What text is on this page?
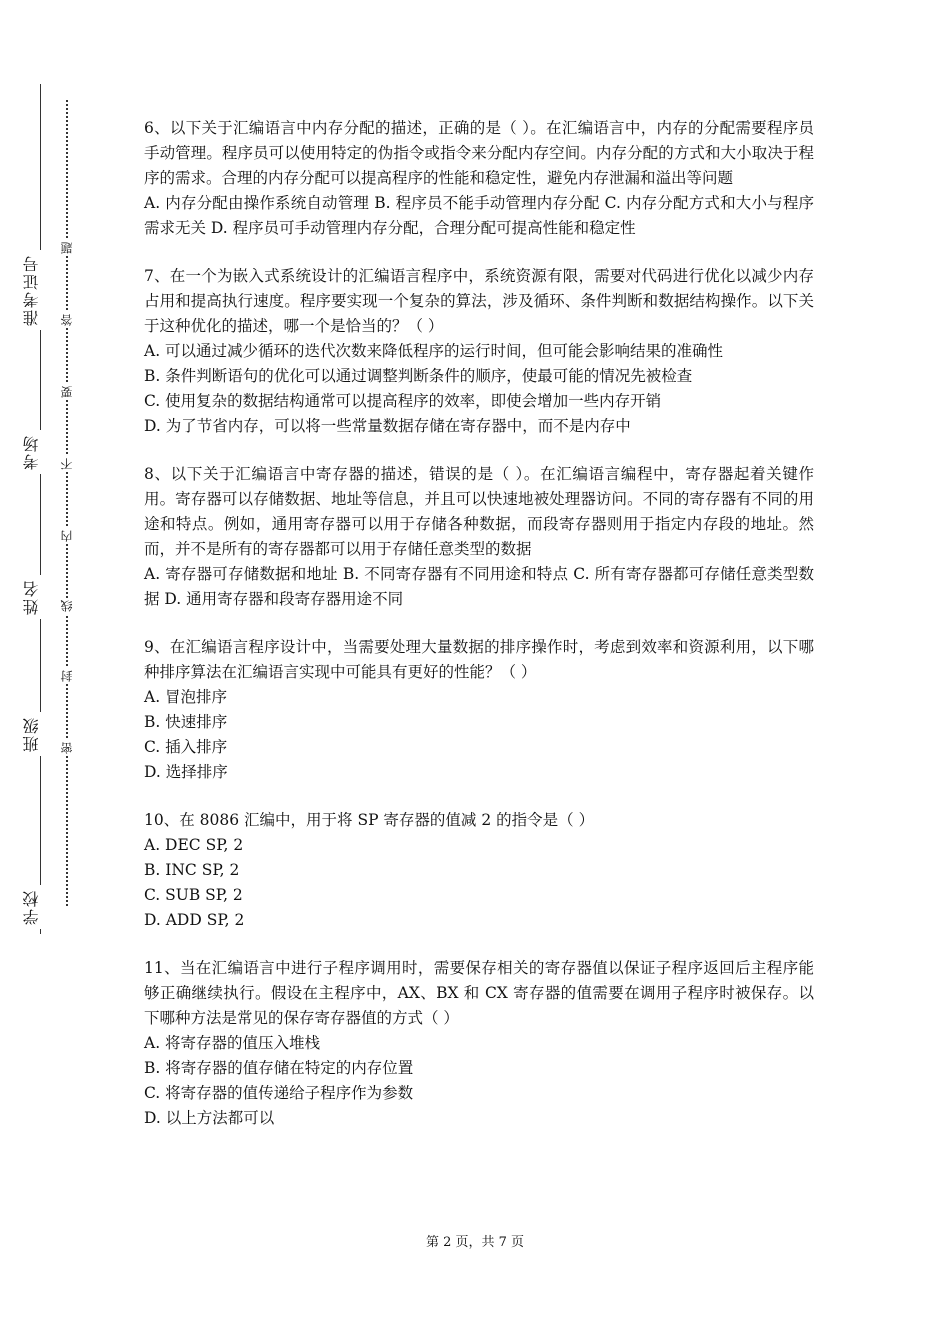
准考证号
考场
姓名
班级
学校
题
答
要
不
内
线
封
密

6、以下关于汇编语言中内存分配的描述，正确的是（ ）。在汇编语言中，内存的分配需要程序员手动管理。程序员可以使用特定的伪指令或指令来分配内存空间。内存分配的方式和大小取决于程序的需求。合理的内存分配可以提高程序的性能和稳定性，避免内存泄漏和溢出等问题

A. 内存分配由操作系统自动管理 B. 程序员不能手动管理内存分配 C. 内存分配方式和大小与程序需求无关 D. 程序员可手动管理内存分配，合理分配可提高性能和稳定性

7、在一个为嵌入式系统设计的汇编语言程序中，系统资源有限，需要对代码进行优化以减少内存占用和提高执行速度。程序要实现一个复杂的算法，涉及循环、条件判断和数据结构操作。以下关于这种优化的描述，哪一个是恰当的？（ ）

A. 可以通过减少循环的迭代次数来降低程序的运行时间，但可能会影响结果的准确性

B. 条件判断语句的优化可以通过调整判断条件的顺序，使最可能的情况先被检查

C. 使用复杂的数据结构通常可以提高程序的效率，即使会增加一些内存开销

D. 为了节省内存，可以将一些常量数据存储在寄存器中，而不是内存中

8、以下关于汇编语言中寄存器的描述，错误的是（ ）。在汇编语言编程中，寄存器起着关键作用。寄存器可以存储数据、地址等信息，并且可以快速地被处理器访问。不同的寄存器有不同的用途和特点。例如，通用寄存器可以用于存储各种数据，而段寄存器则用于指定内存段的地址。然而，并不是所有的寄存器都可以用于存储任意类型的数据

A. 寄存器可存储数据和地址 B. 不同寄存器有不同用途和特点 C. 所有寄存器都可存储任意类型数据 D. 通用寄存器和段寄存器用途不同

9、在汇编语言程序设计中，当需要处理大量数据的排序操作时，考虑到效率和资源利用，以下哪种排序算法在汇编语言实现中可能具有更好的性能？（ ）

A. 冒泡排序

B. 快速排序

C. 插入排序

D. 选择排序

10、在 8086 汇编中，用于将 SP 寄存器的值减 2 的指令是（ ）

A. DEC SP, 2

B. INC SP, 2

C. SUB SP, 2

D. ADD SP, 2

11、当在汇编语言中进行子程序调用时，需要保存相关的寄存器值以保证子程序返回后主程序能够正确继续执行。假设在主程序中，AX、BX 和 CX 寄存器的值需要在调用子程序时被保存。以下哪种方法是常见的保存寄存器值的方式（ ）

A. 将寄存器的值压入堆栈

B. 将寄存器的值存储在特定的内存位置

C. 将寄存器的值传递给子程序作为参数

D. 以上方法都可以

第 2 页，共 7 页
